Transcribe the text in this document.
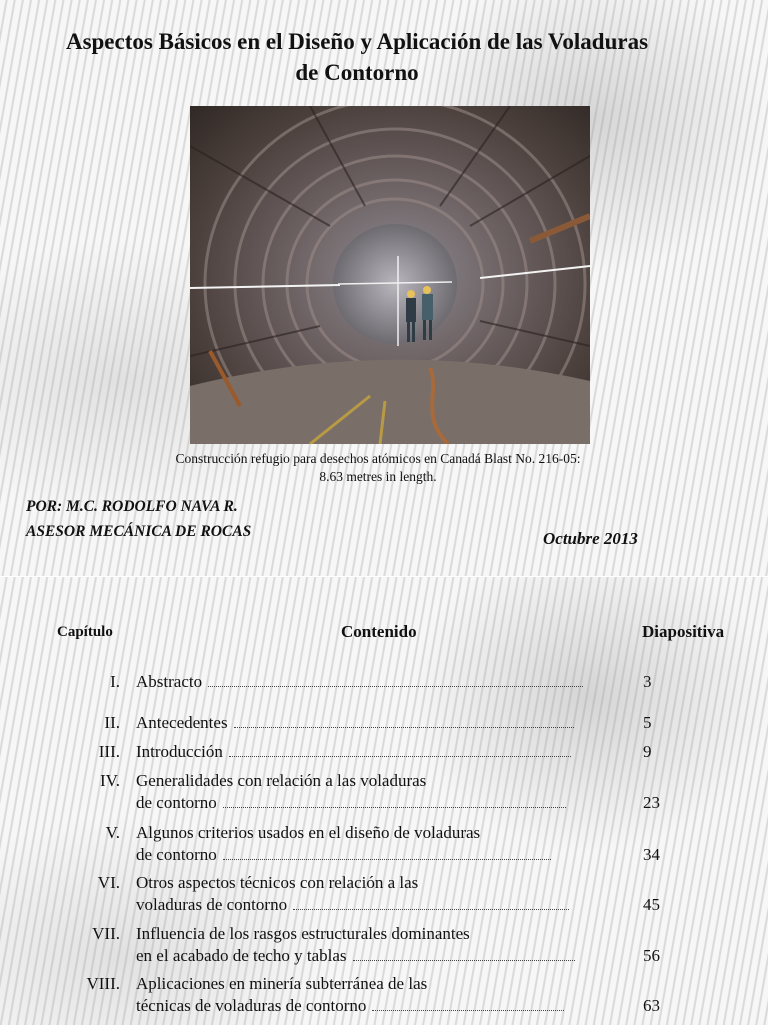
Aspectos Básicos en el Diseño y Aplicación de las Voladuras
de Contorno
Construcción refugio para desechos atómicos en Canadá Blast No. 216-05:
8.63 metres in length.
POR: M.C. RODOLFO NAVA R.
ASESOR MECÁNICA DE ROCAS	Octubre 2013
Capítulo	Contenido	Diapositiva
I. Abstracto	3
II. Antecedentes	5
III. Introducción	9
IV. Generalidades con relación a las voladuras
de contorno	23
V. Algunos criterios usados en el diseño de voladuras
de contorno	34
VI. Otros aspectos técnicos con relación a las
voladuras de contorno	45
VII. Influencia de los rasgos estructurales dominantes
en el acabado de techo y tablas	56
VIII. Aplicaciones en minería subterránea de las
técnicas de voladuras de contorno	63
